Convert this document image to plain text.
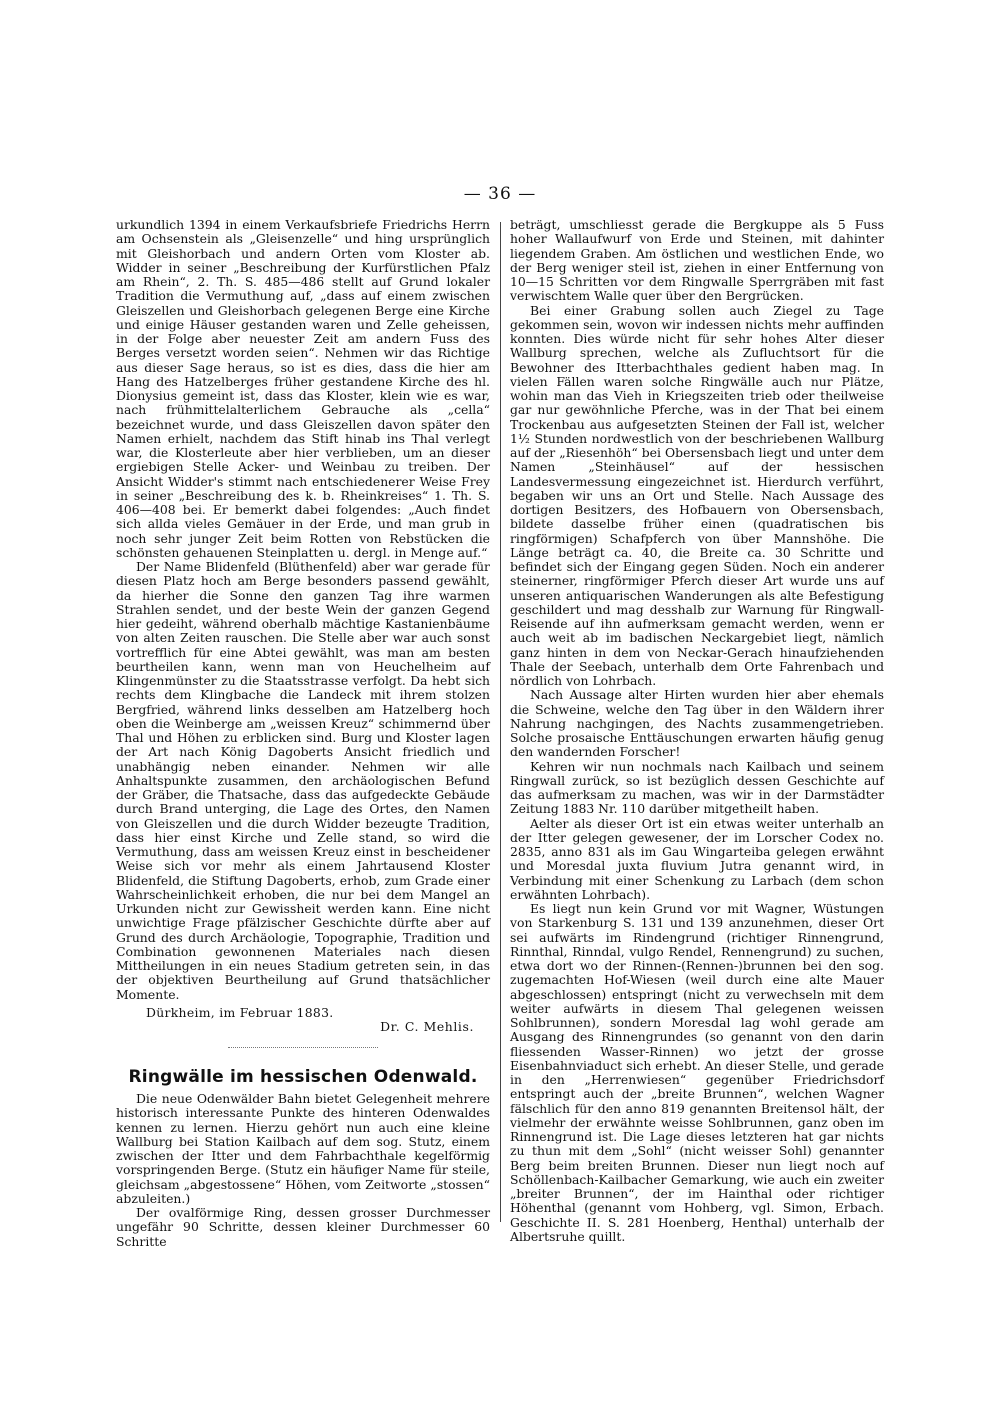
— 36 —

urkundlich 1394 in einem Verkaufsbriefe Friedrichs Herrn am Ochsenstein als „Gleisenzelle“ und hing ursprünglich mit Gleishorbach und andern Orten vom Kloster ab. Widder in seiner „Beschreibung der Kurfürstlichen Pfalz am Rhein“, 2. Th. S. 485—486 stellt auf Grund lokaler Tradition die Vermuthung auf, „dass auf einem zwischen Gleiszellen und Gleishorbach gelegenen Berge eine Kirche und einige Häuser gestanden waren und Zelle geheissen, in der Folge aber neuester Zeit am andern Fuss des Berges versetzt worden seien“. Nehmen wir das Richtige aus dieser Sage heraus, so ist es dies, dass die hier am Hang des Hatzelberges früher gestandene Kirche des hl. Dionysius gemeint ist, dass das Kloster, klein wie es war, nach frühmittelalterlichem Gebrauche als „cella“ bezeichnet wurde, und dass Gleiszellen davon später den Namen erhielt, nachdem das Stift hinab ins Thal verlegt war, die Klosterleute aber hier verblieben, um an dieser ergiebigen Stelle Acker- und Weinbau zu treiben. Der Ansicht Widder's stimmt nach entschiedenerer Weise Frey in seiner „Beschreibung des k. b. Rheinkreises“ 1. Th. S. 406—408 bei. Er bemerkt dabei folgendes: „Auch findet sich allda vieles Gemäuer in der Erde, und man grub in noch sehr junger Zeit beim Rotten von Rebstücken die schönsten gehauenen Steinplatten u. dergl. in Menge auf.“

Der Name Blidenfeld (Blüthenfeld) aber war gerade für diesen Platz hoch am Berge besonders passend gewählt, da hierher die Sonne den ganzen Tag ihre warmen Strahlen sendet, und der beste Wein der ganzen Gegend hier gedeiht, während oberhalb mächtige Kastanienbäume von alten Zeiten rauschen. Die Stelle aber war auch sonst vortrefflich für eine Abtei gewählt, was man am besten beurtheilen kann, wenn man von Heuchelheim auf Klingenmünster zu die Staatsstrasse verfolgt. Da hebt sich rechts dem Klingbache die Landeck mit ihrem stolzen Bergfried, während links desselben am Hatzelberg hoch oben die Weinberge am „weissen Kreuz“ schimmernd über Thal und Höhen zu erblicken sind. Burg und Kloster lagen der Art nach König Dagoberts Ansicht friedlich und unabhängig neben einander. Nehmen wir alle Anhaltspunkte zusammen, den archäologischen Befund der Gräber, die Thatsache, dass das aufgedeckte Gebäude durch Brand unterging, die Lage des Ortes, den Namen von Gleiszellen und die durch Widder bezeugte Tradition, dass hier einst Kirche und Zelle stand, so wird die Vermuthung, dass am weissen Kreuz einst in bescheidener Weise sich vor mehr als einem Jahrtausend Kloster Blidenfeld, die Stiftung Dagoberts, erhob, zum Grade einer Wahrscheinlichkeit erhoben, die nur bei dem Mangel an Urkunden nicht zur Gewissheit werden kann. Eine nicht unwichtige Frage pfälzischer Geschichte dürfte aber auf Grund des durch Archäologie, Topographie, Tradition und Combination gewonnenen Materiales nach diesen Mittheilungen in ein neues Stadium getreten sein, in das der objektiven Beurtheilung auf Grund thatsächlicher Momente.

Dürkheim, im Februar 1883.
Dr. C. Mehlis.
Ringwälle im hessischen Odenwald.

Die neue Odenwälder Bahn bietet Gelegenheit mehrere historisch interessante Punkte des hinteren Odenwaldes kennen zu lernen. Hierzu gehört nun auch eine kleine Wallburg bei Station Kailbach auf dem sog. Stutz, einem zwischen der Itter und dem Fahrbachthale kegelförmig vorspringenden Berge. (Stutz ein häufiger Name für steile, gleichsam „abgestossene“ Höhen, vom Zeitworte „stossen“ abzuleiten.)

Der ovalförmige Ring, dessen grosser Durchmesser ungefähr 90 Schritte, dessen kleiner Durchmesser 60 Schritte

beträgt, umschliesst gerade die Bergkuppe als 5 Fuss hoher Wallaufwurf von Erde und Steinen, mit dahinter liegendem Graben. Am östlichen und westlichen Ende, wo der Berg weniger steil ist, ziehen in einer Entfernung von 10—15 Schritten vor dem Ringwalle Sperrgräben mit fast verwischtem Walle quer über den Bergrücken.

Bei einer Grabung sollen auch Ziegel zu Tage gekommen sein, wovon wir indessen nichts mehr auffinden konnten. Dies würde nicht für sehr hohes Alter dieser Wallburg sprechen, welche als Zufluchtsort für die Bewohner des Itterbachthales gedient haben mag. In vielen Fällen waren solche Ringwälle auch nur Plätze, wohin man das Vieh in Kriegszeiten trieb oder theilweise gar nur gewöhnliche Pferche, was in der That bei einem Trockenbau aus aufgesetzten Steinen der Fall ist, welcher 1½ Stunden nordwestlich von der beschriebenen Wallburg auf der „Riesenhöh“ bei Obersensbach liegt und unter dem Namen „Steinhäusel“ auf der hessischen Landesvermessung eingezeichnet ist. Hierdurch verführt, begaben wir uns an Ort und Stelle. Nach Aussage des dortigen Besitzers, des Hofbauern von Obersensbach, bildete dasselbe früher einen (quadratischen bis ringförmigen) Schafpferch von über Mannshöhe. Die Länge beträgt ca. 40, die Breite ca. 30 Schritte und befindet sich der Eingang gegen Süden. Noch ein anderer steinerner, ringförmiger Pferch dieser Art wurde uns auf unseren antiquarischen Wanderungen als alte Befestigung geschildert und mag desshalb zur Warnung für Ringwall-Reisende auf ihn aufmerksam gemacht werden, wenn er auch weit ab im badischen Neckargebiet liegt, nämlich ganz hinten in dem von Neckar-Gerach hinaufziehenden Thale der Seebach, unterhalb dem Orte Fahrenbach und nördlich von Lohrbach.

Nach Aussage alter Hirten wurden hier aber ehemals die Schweine, welche den Tag über in den Wäldern ihrer Nahrung nachgingen, des Nachts zusammengetrieben. Solche prosaische Enttäuschungen erwarten häufig genug den wandernden Forscher!

Kehren wir nun nochmals nach Kailbach und seinem Ringwall zurück, so ist bezüglich dessen Geschichte auf das aufmerksam zu machen, was wir in der Darmstädter Zeitung 1883 Nr. 110 darüber mitgetheilt haben.

Aelter als dieser Ort ist ein etwas weiter unterhalb an der Itter gelegen gewesener, der im Lorscher Codex no. 2835, anno 831 als im Gau Wingarteiba gelegen erwähnt und Moresdal juxta fluvium Jutra genannt wird, in Verbindung mit einer Schenkung zu Larbach (dem schon erwähnten Lohrbach).

Es liegt nun kein Grund vor mit Wagner, Wüstungen von Starkenburg S. 131 und 139 anzunehmen, dieser Ort sei aufwärts im Rindengrund (richtiger Rinnengrund, Rinnthal, Rinndal, vulgo Rendel, Rennengrund) zu suchen, etwa dort wo der Rinnen-(Rennen-)brunnen bei den sog. zugemachten Hof-Wiesen (weil durch eine alte Mauer abgeschlossen) entspringt (nicht zu verwechseln mit dem weiter aufwärts in diesem Thal gelegenen weissen Sohlbrunnen), sondern Moresdal lag wohl gerade am Ausgang des Rinnengrundes (so genannt von den darin fliessenden Wasser-Rinnen) wo jetzt der grosse Eisenbahnviaduct sich erhebt. An dieser Stelle, und gerade in den „Herrenwiesen“ gegenüber Friedrichsdorf entspringt auch der „breite Brunnen“, welchen Wagner fälschlich für den anno 819 genannten Breitensol hält, der vielmehr der erwähnte weisse Sohlbrunnen, ganz oben im Rinnengrund ist. Die Lage dieses letzteren hat gar nichts zu thun mit dem „Sohl“ (nicht weisser Sohl) genannter Berg beim breiten Brunnen. Dieser nun liegt noch auf Schöllenbach-Kailbacher Gemarkung, wie auch ein zweiter „breiter Brunnen“, der im Hainthal oder richtiger Höhenthal (genannt vom Hohberg, vgl. Simon, Erbach. Geschichte II. S. 281 Hoenberg, Henthal) unterhalb der Albertsruhe quillt.
